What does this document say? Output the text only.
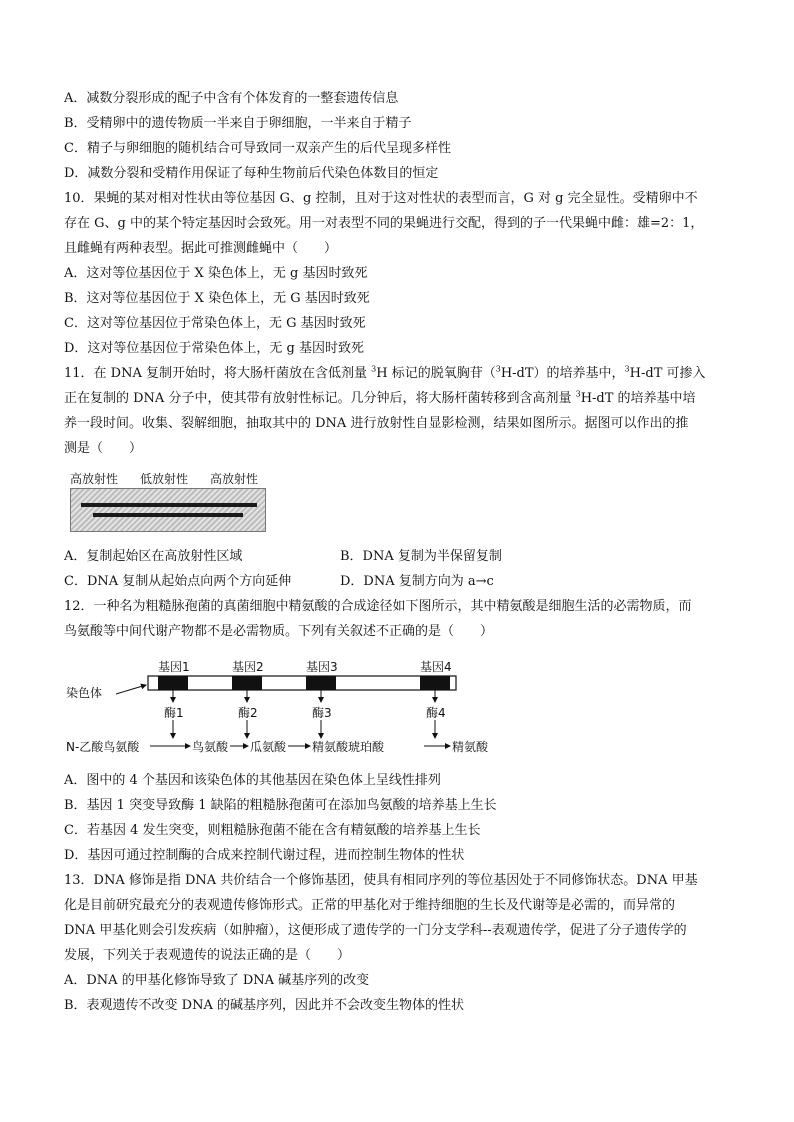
A．减数分裂形成的配子中含有个体发育的一整套遗传信息
B．受精卵中的遗传物质一半来自于卵细胞，一半来自于精子
C．精子与卵细胞的随机结合可导致同一双亲产生的后代呈现多样性
D．减数分裂和受精作用保证了每种生物前后代染色体数目的恒定
10．果蝇的某对相对性状由等位基因 G、g 控制，且对于这对性状的表型而言，G 对 g 完全显性。受精卵中不
存在 G、g 中的某个特定基因时会致死。用一对表型不同的果蝇进行交配，得到的子一代果蝇中雌：雄=2：1，
且雌蝇有两种表型。据此可推测雌蝇中（　　）
A．这对等位基因位于 X 染色体上，无 g 基因时致死
B．这对等位基因位于 X 染色体上，无 G 基因时致死
C．这对等位基因位于常染色体上，无 G 基因时致死
D．这对等位基因位于常染色体上，无 g 基因时致死
11．在 DNA 复制开始时，将大肠杆菌放在含低剂量 $^3$H 标记的脱氧胸苷（$^3$H-dT）的培养基中，$^3$H-dT 可掺入
正在复制的 DNA 分子中，使其带有放射性标记。几分钟后，将大肠杆菌转移到含高剂量 $^3$H-dT 的培养基中培
养一段时间。收集、裂解细胞，抽取其中的 DNA 进行放射性自显影检测，结果如图所示。据图可以作出的推
测是（　　）
高放射性 低放射性 高放射性
A．复制起始区在高放射性区域	B．DNA 复制为半保留复制
C．DNA 复制从起始点向两个方向延伸	D．DNA 复制方向为 a→c
12．一种名为粗糙脉孢菌的真菌细胞中精氨酸的合成途径如下图所示，其中精氨酸是细胞生活的必需物质，而
鸟氨酸等中间代谢产物都不是必需物质。下列有关叙述不正确的是（　　）
染色体
基因1	基因2	基因3	基因4
酶1	酶2	酶3	酶4
N-乙酸鸟氨酸	鸟氨酸 瓜氨酸 精氨酸琥珀酸	精氨酸
A．图中的 4 个基因和该染色体的其他基因在染色体上呈线性排列
B．基因 1 突变导致酶 1 缺陷的粗糙脉孢菌可在添加鸟氨酸的培养基上生长
C．若基因 4 发生突变，则粗糙脉孢菌不能在含有精氨酸的培养基上生长
D．基因可通过控制酶的合成来控制代谢过程，进而控制生物体的性状
13．DNA 修饰是指 DNA 共价结合一个修饰基团，使具有相同序列的等位基因处于不同修饰状态。DNA 甲基
化是目前研究最充分的表观遗传修饰形式。正常的甲基化对于维持细胞的生长及代谢等是必需的，而异常的
DNA 甲基化则会引发疾病（如肿瘤），这便形成了遗传学的一门分支学科--表观遗传学，促进了分子遗传学的
发展，下列关于表观遗传的说法正确的是（　　）
A．DNA 的甲基化修饰导致了 DNA 碱基序列的改变
B．表观遗传不改变 DNA 的碱基序列，因此并不会改变生物体的性状
